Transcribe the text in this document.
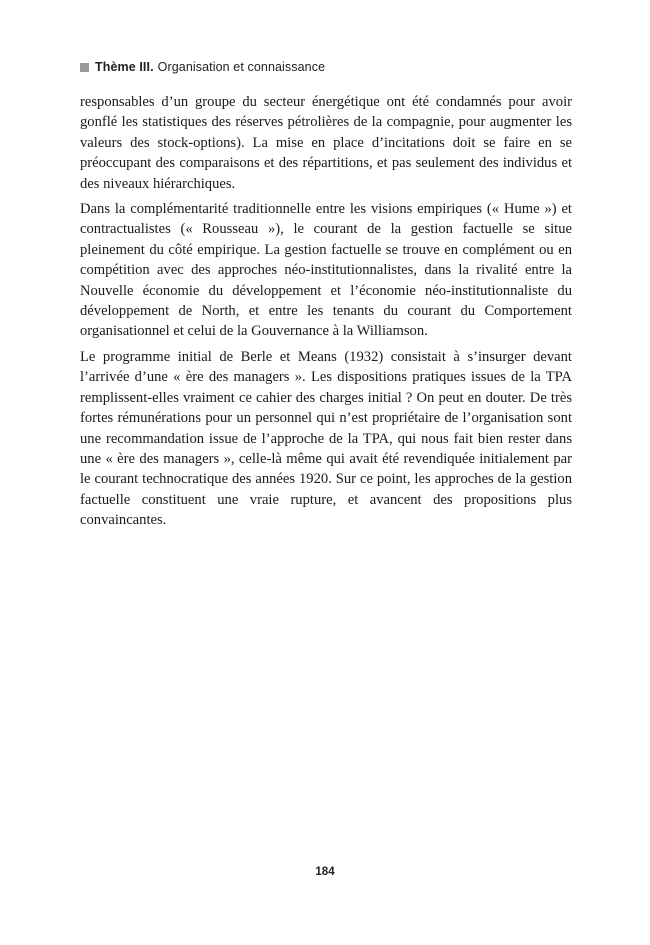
Thème III. Organisation et connaissance

responsables d’un groupe du secteur énergétique ont été condamnés pour avoir gonflé les statistiques des réserves pétrolières de la compagnie, pour augmenter les valeurs des stock-options). La mise en place d’incitations doit se faire en se préoccupant des comparaisons et des répartitions, et pas seulement des individus et des niveaux hiérarchiques.

Dans la complémentarité traditionnelle entre les visions empiriques (« Hume ») et contractualistes (« Rousseau »), le courant de la gestion factuelle se situe pleinement du côté empirique. La gestion factuelle se trouve en complément ou en compétition avec des approches néo-institutionnalistes, dans la rivalité entre la Nouvelle économie du développement et l’économie néo-institutionnaliste du développement de North, et entre les tenants du courant du Comportement organisationnel et celui de la Gouvernance à la Williamson.

Le programme initial de Berle et Means (1932) consistait à s’insurger devant l’arrivée d’une « ère des managers ». Les dispositions pratiques issues de la TPA remplissent-elles vraiment ce cahier des charges initial ? On peut en douter. De très fortes rémunérations pour un personnel qui n’est propriétaire de l’organisation sont une recommandation issue de l’approche de la TPA, qui nous fait bien rester dans une « ère des managers », celle-là même qui avait été revendiquée initialement par le courant technocratique des années 1920. Sur ce point, les approches de la gestion factuelle constituent une vraie rupture, et avancent des propositions plus convaincantes.

184
